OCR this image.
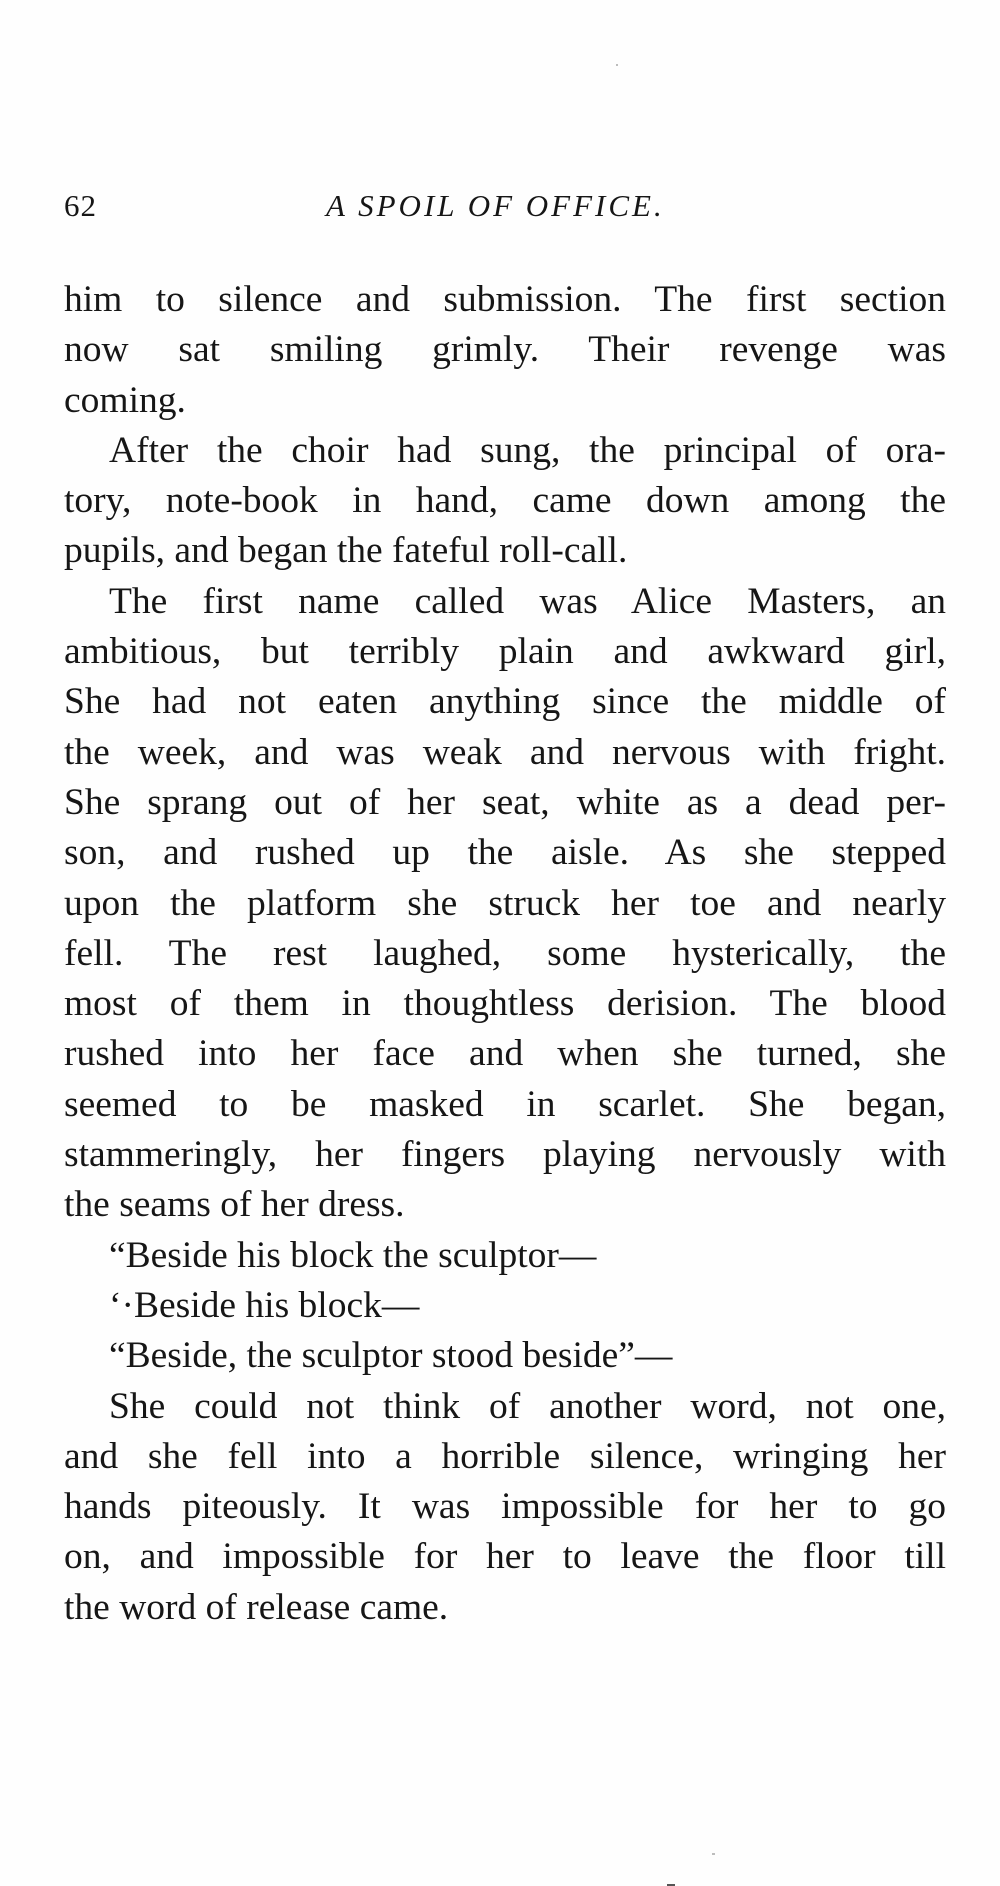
62	A SPOIL OF OFFICE.
him to silence and submission. The first section
now sat smiling grimly. Their revenge was
coming.
After the choir had sung, the principal of ora-
tory, note-book in hand, came down among the
pupils, and began the fateful roll-call.
The first name called was Alice Masters, an
ambitious, but terribly plain and awkward girl,
She had not eaten anything since the middle of
the week, and was weak and nervous with fright.
She sprang out of her seat, white as a dead per-
son, and rushed up the aisle. As she stepped
upon the platform she struck her toe and nearly
fell. The rest laughed, some hysterically, the
most of them in thoughtless derision. The blood
rushed into her face and when she turned, she
seemed to be masked in scarlet. She began,
stammeringly, her fingers playing nervously with
the seams of her dress.
“Beside his block the sculptor—
‘·Beside his block—
“Beside, the sculptor stood beside”—
She could not think of another word, not one,
and she fell into a horrible silence, wringing her
hands piteously. It was impossible for her to go
on, and impossible for her to leave the floor till
the word of release came.
